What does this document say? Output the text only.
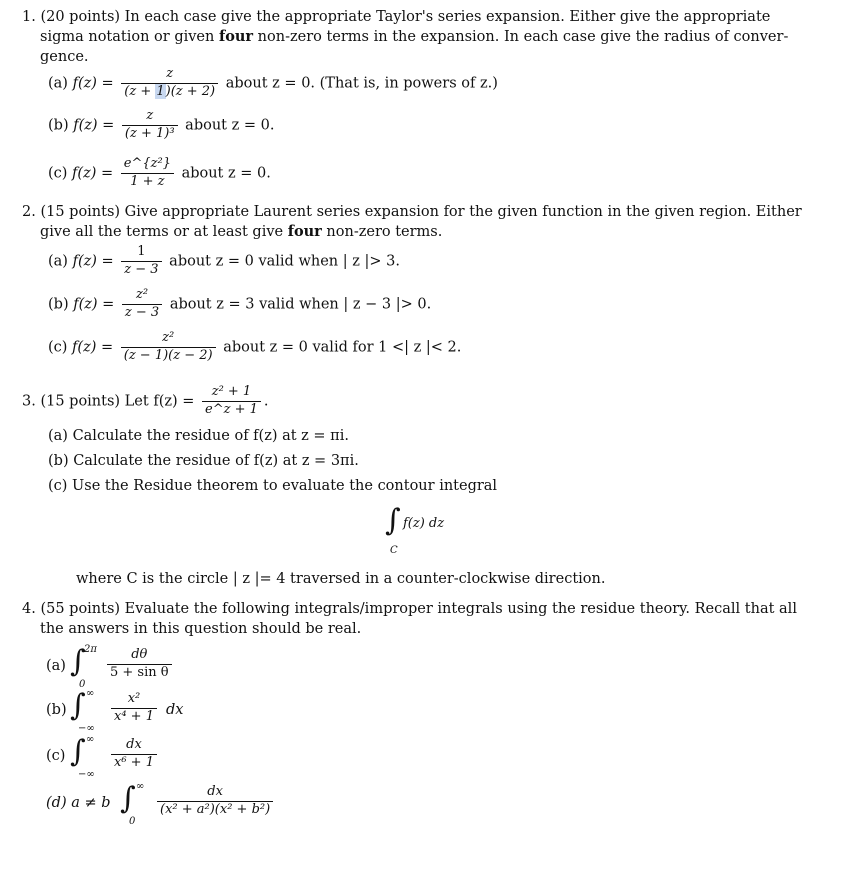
1. (20 points) In each case give the appropriate Taylor's series expansion. Either give the appropriate
sigma notation or given four non-zero terms in the expansion. In each case give the radius of conver-
gence.
(a) $f(z) = \frac{z}{(z + 1)(z + 2)}$ about z = 0. (That is, in powers of z.)
(b) $f(z) = \frac{z}{\text{(z + 1)³}}$ about z = 0.
(c) $f(z) = \frac{\text{e\textasciicircum{}\{z²\}}}{1 + z}$ about z = 0.
2. (15 points) Give appropriate Laurent series expansion for the given function in the given region. Either
give all the terms or at least give four non-zero terms.
(a) $f(z) = \frac{1}{z - 3}$ about z = 0 valid when | z |> 3.
(b) $f(z) = \frac{\text{z²}}{z - 3}$ about z = 3 valid when | z − 3 |> 0.
(c) $f(z) = \frac{\text{z²}}{(z - 1)(z - 2)}$ about z = 0 valid for 1 <| z |< 2.
3. (15 points) Let $f(z) = \frac{\text{z² + 1}}{e\^{}z + 1}$ .
(a) Calculate the residue of f(z) at z = πi.
(b) Calculate the residue of f(z) at z = 3πi.
(c) Use the Residue theorem to evaluate the contour integral
∫ f(z) dz
C
where C is the circle | z |= 4 traversed in a counter-clockwise direction.
4. (55 points) Evaluate the following integrals/improper integrals using the residue theory. Recall that all
the answers in this question should be real.
(a) ∫
2π
0
$\frac{d\theta}{\text{5 + sin θ}}$
(b) ∫ ∞
−∞
$\frac{\text{x²}}{\text{x⁴ + 1}}$ dx
(c) ∫ ∞
−∞
$\frac{dx}{\text{x⁶ + 1}}$
(d) a ≠ b ∫ ∞
0
$\frac{dx}{\text{(x² + a²)(x² + b²)}}$
